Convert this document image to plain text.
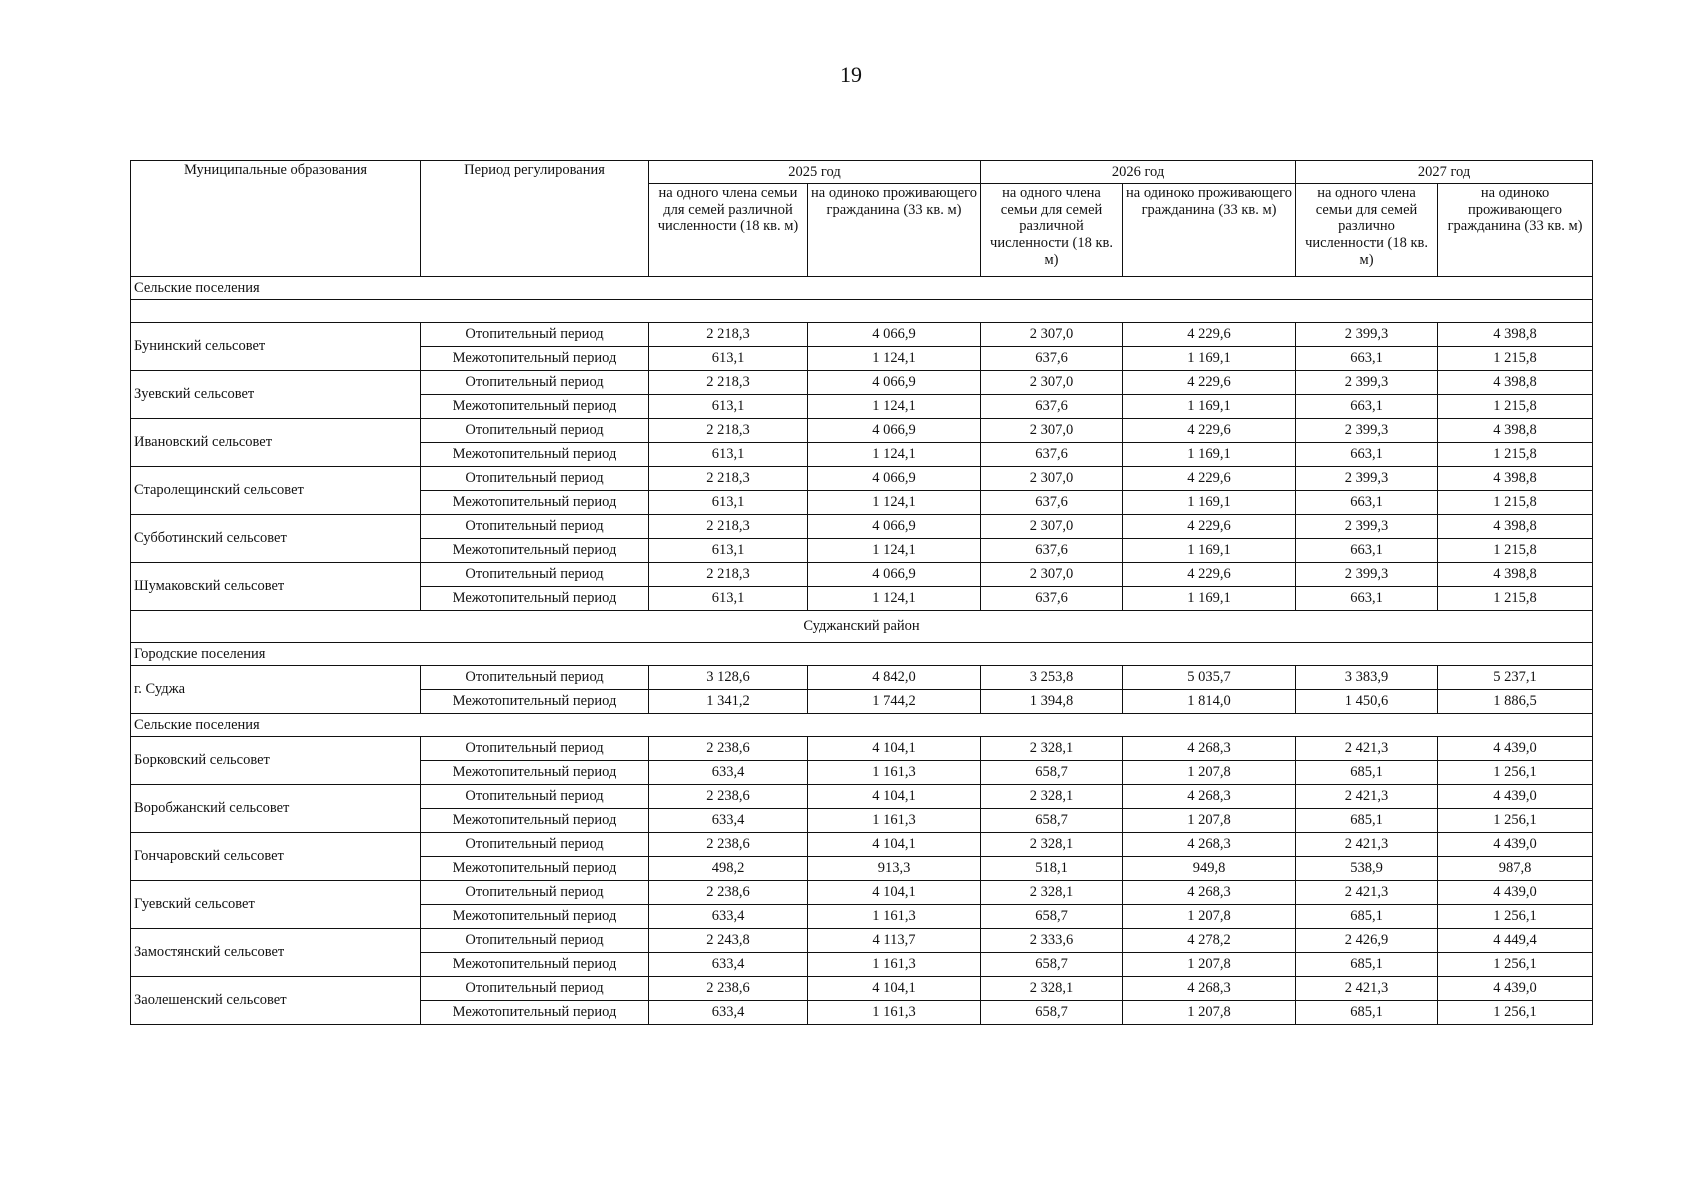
19
Муниципальные образования	Период регулирования	2025 год		2026 год		2027 год	
		на одного члена семьи для семей различной численности (18 кв. м)	на одиноко проживающего гражданина (33 кв. м)	на одного члена семьи для семей различной численности (18 кв. м)	на одиноко проживающего гражданина (33 кв. м)	на одного члена семьи для семей различно численности (18 кв. м)	на одиноко проживающего гражданина (33 кв. м)
Сельские поселения							

Бунинский сельсовет	Отопительный период	2 218,3	4 066,9	2 307,0	4 229,6	2 399,3	4 398,8
	Межотопительный период	613,1	1 124,1	637,6	1 169,1	663,1	1 215,8
Зуевский сельсовет	Отопительный период	2 218,3	4 066,9	2 307,0	4 229,6	2 399,3	4 398,8
	Межотопительный период	613,1	1 124,1	637,6	1 169,1	663,1	1 215,8
Ивановский сельсовет	Отопительный период	2 218,3	4 066,9	2 307,0	4 229,6	2 399,3	4 398,8
	Межотопительный период	613,1	1 124,1	637,6	1 169,1	663,1	1 215,8
Старолещинский сельсовет	Отопительный период	2 218,3	4 066,9	2 307,0	4 229,6	2 399,3	4 398,8
	Межотопительный период	613,1	1 124,1	637,6	1 169,1	663,1	1 215,8
Субботинский сельсовет	Отопительный период	2 218,3	4 066,9	2 307,0	4 229,6	2 399,3	4 398,8
	Межотопительный период	613,1	1 124,1	637,6	1 169,1	663,1	1 215,8
Шумаковский сельсовет	Отопительный период	2 218,3	4 066,9	2 307,0	4 229,6	2 399,3	4 398,8
	Межотопительный период	613,1	1 124,1	637,6	1 169,1	663,1	1 215,8
Суджанский район							
Городские поселения							
г. Суджа	Отопительный период	3 128,6	4 842,0	3 253,8	5 035,7	3 383,9	5 237,1
	Межотопительный период	1 341,2	1 744,2	1 394,8	1 814,0	1 450,6	1 886,5
Сельские поселения							
Борковский сельсовет	Отопительный период	2 238,6	4 104,1	2 328,1	4 268,3	2 421,3	4 439,0
	Межотопительный период	633,4	1 161,3	658,7	1 207,8	685,1	1 256,1
Воробжанский сельсовет	Отопительный период	2 238,6	4 104,1	2 328,1	4 268,3	2 421,3	4 439,0
	Межотопительный период	633,4	1 161,3	658,7	1 207,8	685,1	1 256,1
Гончаровский сельсовет	Отопительный период	2 238,6	4 104,1	2 328,1	4 268,3	2 421,3	4 439,0
	Межотопительный период	498,2	913,3	518,1	949,8	538,9	987,8
Гуевский сельсовет	Отопительный период	2 238,6	4 104,1	2 328,1	4 268,3	2 421,3	4 439,0
	Межотопительный период	633,4	1 161,3	658,7	1 207,8	685,1	1 256,1
Замостянский сельсовет	Отопительный период	2 243,8	4 113,7	2 333,6	4 278,2	2 426,9	4 449,4
	Межотопительный период	633,4	1 161,3	658,7	1 207,8	685,1	1 256,1
Заолешенский сельсовет	Отопительный период	2 238,6	4 104,1	2 328,1	4 268,3	2 421,3	4 439,0
	Межотопительный период	633,4	1 161,3	658,7	1 207,8	685,1	1 256,1
